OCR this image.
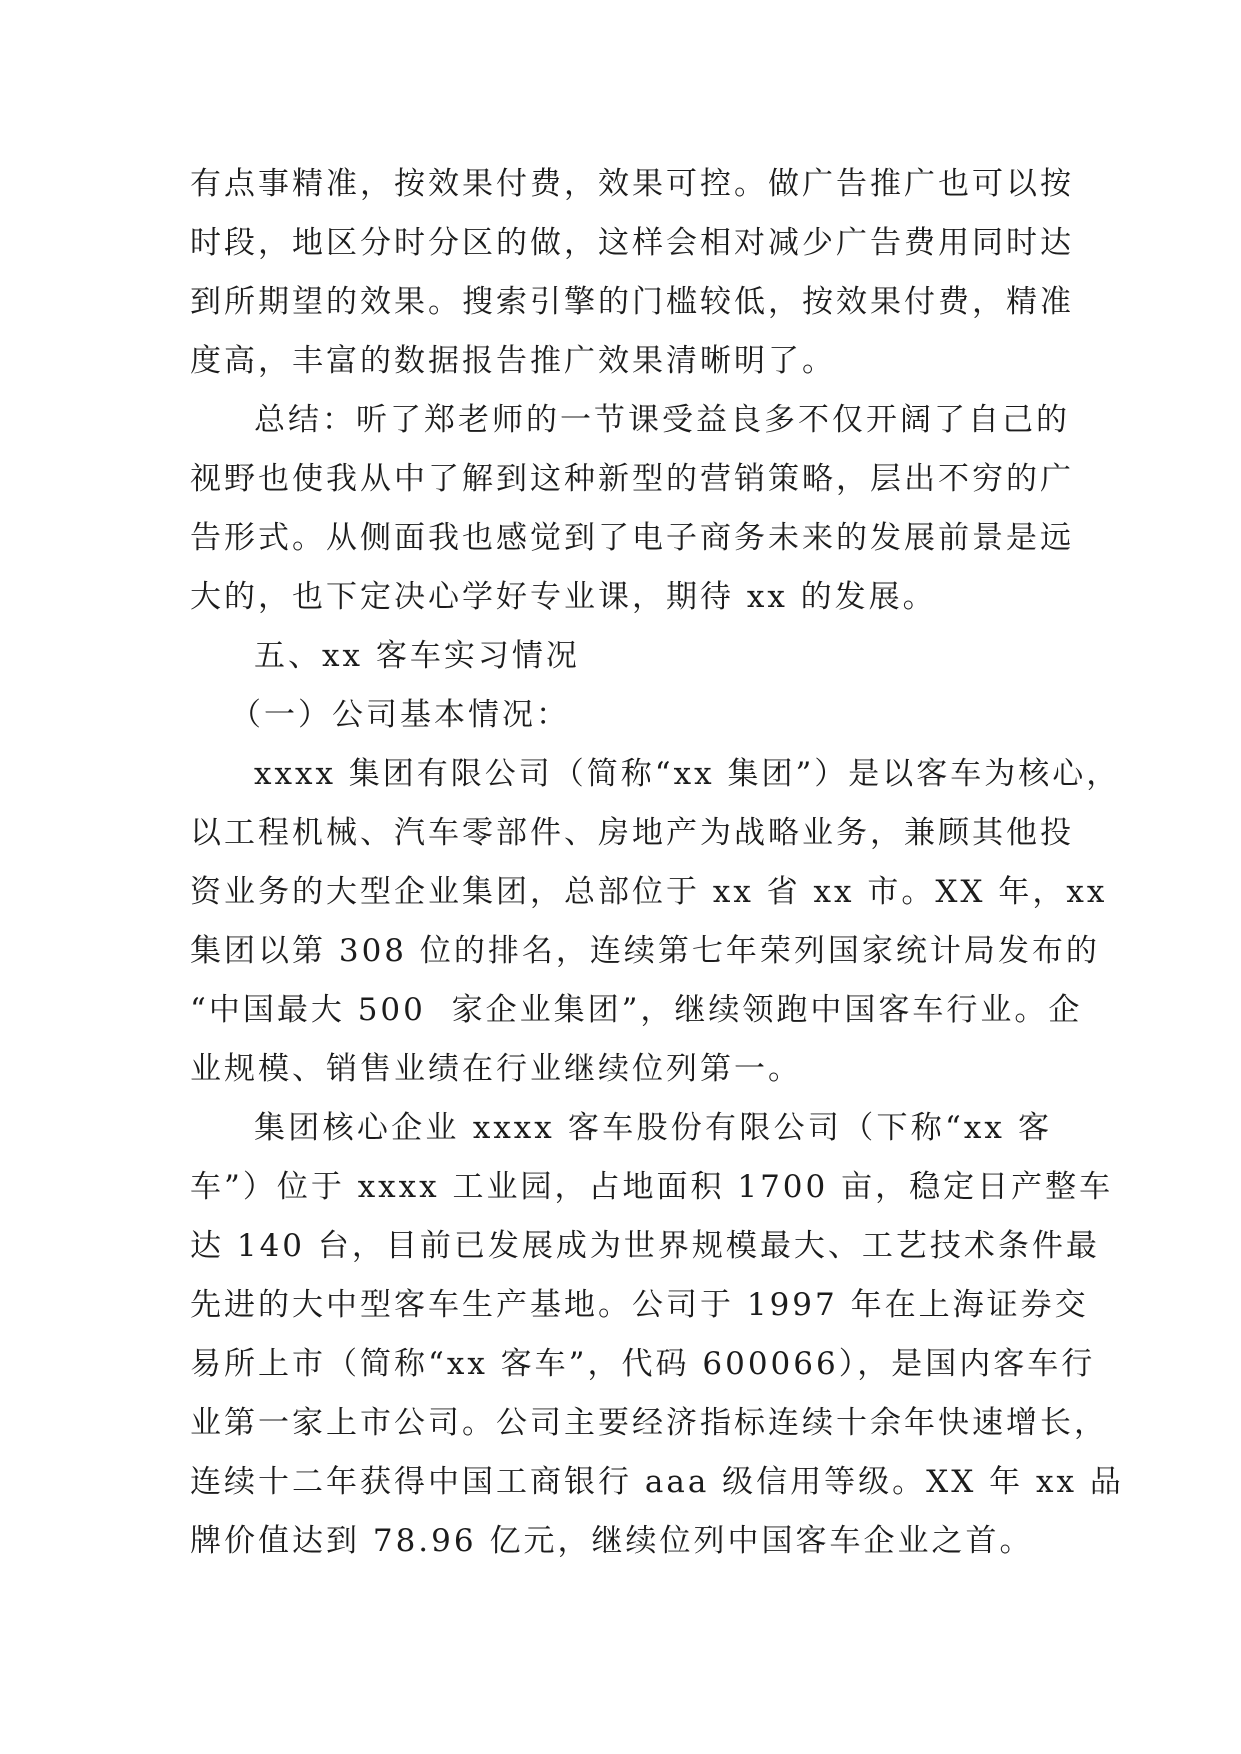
有点事精准，按效果付费，效果可控。做广告推广也可以按
时段，地区分时分区的做，这样会相对减少广告费用同时达
到所期望的效果。搜索引擎的门槛较低，按效果付费，精准
度高，丰富的数据报告推广效果清晰明了。
总结：听了郑老师的一节课受益良多不仅开阔了自己的
视野也使我从中了解到这种新型的营销策略，层出不穷的广
告形式。从侧面我也感觉到了电子商务未来的发展前景是远
大的，也下定决心学好专业课，期待 xx 的发展。
五、xx 客车实习情况
（一）公司基本情况：
xxxx 集团有限公司（简称“xx 集团”）是以客车为核心，
以工程机械、汽车零部件、房地产为战略业务，兼顾其他投
资业务的大型企业集团，总部位于 xx 省 xx 市。XX 年，xx
集团以第 308 位的排名，连续第七年荣列国家统计局发布的
“中国最大 500  家企业集团”，继续领跑中国客车行业。企
业规模、销售业绩在行业继续位列第一。
集团核心企业 xxxx 客车股份有限公司（下称“xx 客
车”）位于 xxxx 工业园，占地面积 1700 亩，稳定日产整车
达 140 台，目前已发展成为世界规模最大、工艺技术条件最
先进的大中型客车生产基地。公司于 1997 年在上海证券交
易所上市（简称“xx 客车”，代码 600066），是国内客车行
业第一家上市公司。公司主要经济指标连续十余年快速增长，
连续十二年获得中国工商银行 aaa 级信用等级。XX 年 xx 品
牌价值达到 78.96 亿元，继续位列中国客车企业之首。
